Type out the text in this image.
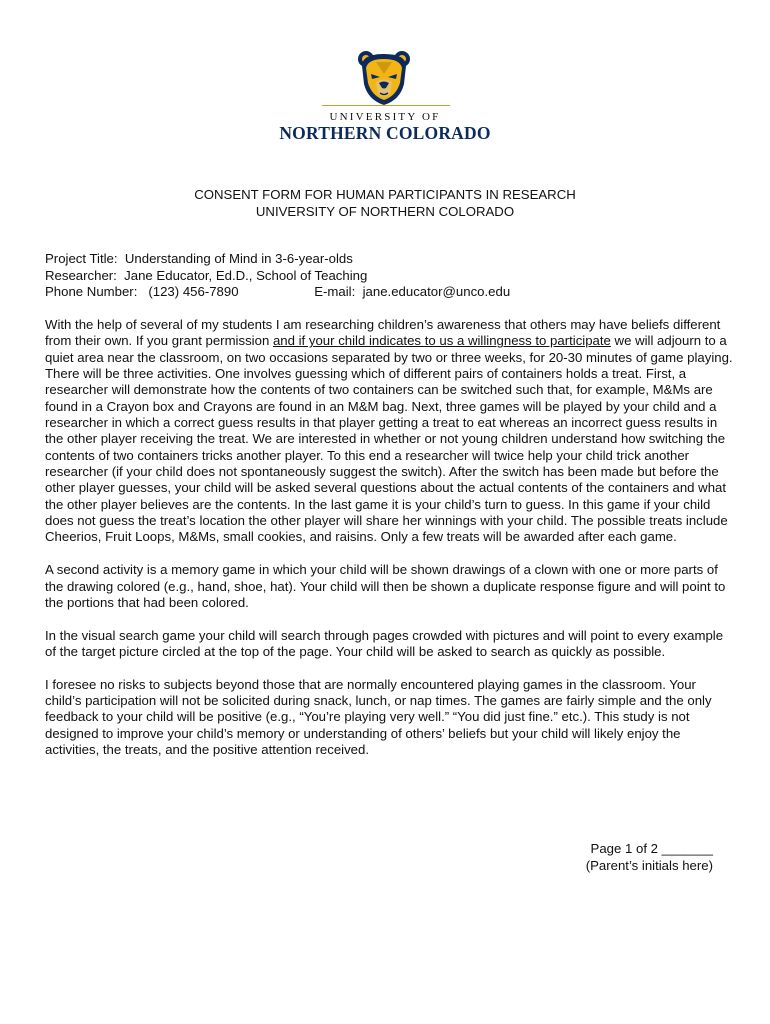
UNIVERSITY OF
NORTHERN COLORADO
CONSENT FORM FOR HUMAN PARTICIPANTS IN RESEARCH
UNIVERSITY OF NORTHERN COLORADO
Project Title: Understanding of Mind in 3-6-year-olds
Researcher: Jane Educator, Ed.D., School of Teaching
Phone Number: (123) 456-7890	E-mail: jane.educator@unco.edu

With the help of several of my students I am researching children’s awareness that others may have beliefs different from their own. If you grant permission and if your child indicates to us a willingness to participate we will adjourn to a quiet area near the classroom, on two occasions separated by two or three weeks, for 20-30 minutes of game playing. There will be three activities. One involves guessing which of different pairs of containers holds a treat. First, a researcher will demonstrate how the contents of two containers can be switched such that, for example, M&Ms are found in a Crayon box and Crayons are found in an M&M bag. Next, three games will be played by your child and a researcher in which a correct guess results in that player getting a treat to eat whereas an incorrect guess results in the other player receiving the treat. We are interested in whether or not young children understand how switching the contents of two containers tricks another player. To this end a researcher will twice help your child trick another researcher (if your child does not spontaneously suggest the switch). After the switch has been made but before the other player guesses, your child will be asked several questions about the actual contents of the containers and what the other player believes are the contents. In the last game it is your child’s turn to guess. In this game if your child does not guess the treat’s location the other player will share her winnings with your child. The possible treats include Cheerios, Fruit Loops, M&Ms, small cookies, and raisins. Only a few treats will be awarded after each game.

A second activity is a memory game in which your child will be shown drawings of a clown with one or more parts of the drawing colored (e.g., hand, shoe, hat). Your child will then be shown a duplicate response figure and will point to the portions that had been colored.

In the visual search game your child will search through pages crowded with pictures and will point to every example of the target picture circled at the top of the page. Your child will be asked to search as quickly as possible.

I foresee no risks to subjects beyond those that are normally encountered playing games in the classroom. Your child’s participation will not be solicited during snack, lunch, or nap times. The games are fairly simple and the only feedback to your child will be positive (e.g., “You’re playing very well.” “You did just fine.” etc.). This study is not designed to improve your child’s memory or understanding of others’ beliefs but your child will likely enjoy the activities, the treats, and the positive attention received.

Page 1 of 2 _______
(Parent’s initials here)
